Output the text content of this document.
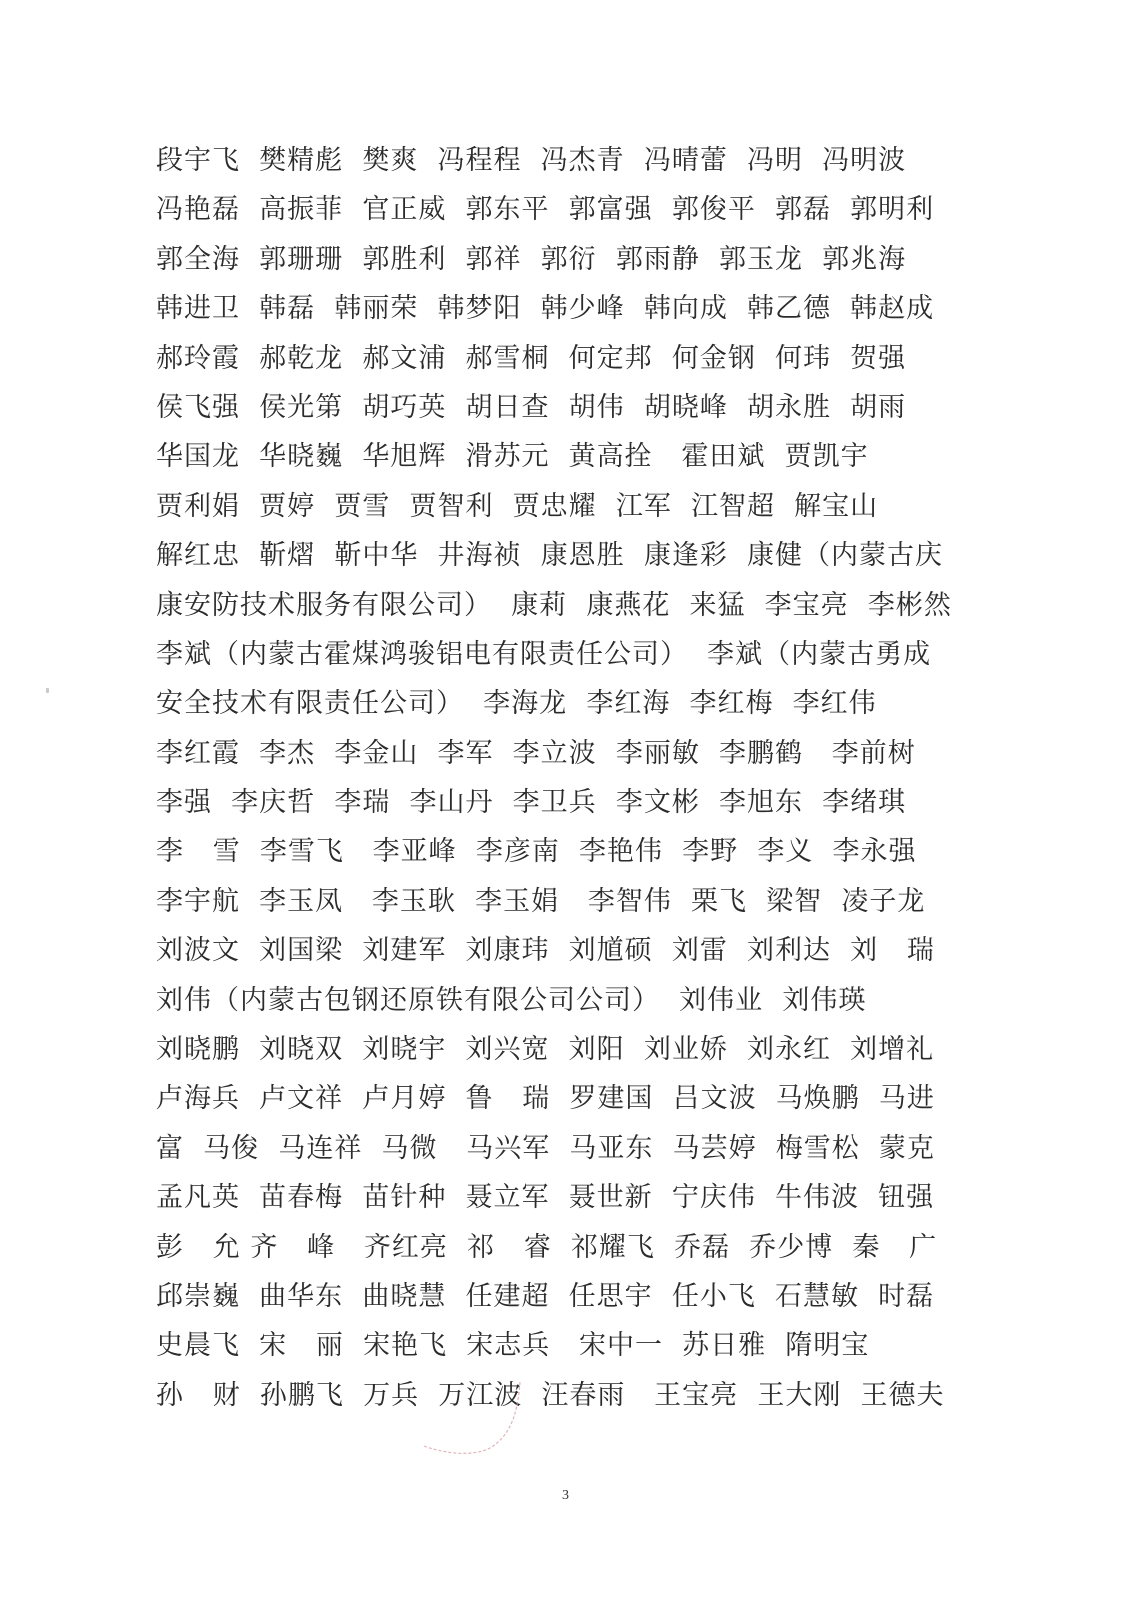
段宇飞  樊精彪  樊爽  冯程程  冯杰青  冯晴蕾  冯明  冯明波
冯艳磊  高振菲  官正威  郭东平  郭富强  郭俊平  郭磊  郭明利
郭全海  郭珊珊  郭胜利  郭祥  郭衍  郭雨静  郭玉龙  郭兆海
韩进卫  韩磊  韩丽荣  韩梦阳  韩少峰  韩向成  韩乙德  韩赵成
郝玲霞  郝乾龙  郝文浦  郝雪桐  何定邦  何金钢  何玮  贺强
侯飞强  侯光第  胡巧英  胡日查  胡伟  胡晓峰  胡永胜  胡雨
华国龙  华晓巍  华旭辉  滑苏元  黄高拴   霍田斌  贾凯宇
贾利娟  贾婷  贾雪  贾智利  贾忠耀  江军  江智超  解宝山
解红忠  靳熠  靳中华  井海祯  康恩胜  康逢彩  康健（内蒙古庆
康安防技术服务有限公司）  康莉  康燕花  来猛  李宝亮  李彬然
李斌（内蒙古霍煤鸿骏铝电有限责任公司）  李斌（内蒙古勇成
安全技术有限责任公司）  李海龙  李红海  李红梅  李红伟
李红霞  李杰  李金山  李军  李立波  李丽敏  李鹏鹤   李前树
李强  李庆哲  李瑞  李山丹  李卫兵  李文彬  李旭东  李绪琪
李   雪  李雪飞   李亚峰  李彦南  李艳伟  李野  李义  李永强
李宇航  李玉凤   李玉耿  李玉娟   李智伟  栗飞  梁智  凌子龙
刘波文  刘国梁  刘建军  刘康玮  刘馗硕  刘雷  刘利达  刘   瑞
刘伟（内蒙古包钢还原铁有限公司公司）  刘伟业  刘伟瑛
刘晓鹏  刘晓双  刘晓宇  刘兴宽  刘阳  刘业娇  刘永红  刘增礼
卢海兵  卢文祥  卢月婷  鲁   瑞  罗建国  吕文波  马焕鹏  马进
富  马俊  马连祥  马微   马兴军  马亚东  马芸婷  梅雪松  蒙克
孟凡英  苗春梅  苗针种  聂立军  聂世新  宁庆伟  牛伟波  钮强
彭   允 齐   峰   齐红亮  祁   睿  祁耀飞  乔磊  乔少博  秦   广
邱崇巍  曲华东  曲晓慧  任建超  任思宇  任小飞  石慧敏  时磊
史晨飞  宋   丽  宋艳飞  宋志兵   宋中一  苏日雅  隋明宝
孙   财  孙鹏飞  万兵  万江波  汪春雨   王宝亮  王大刚  王德夫
3
